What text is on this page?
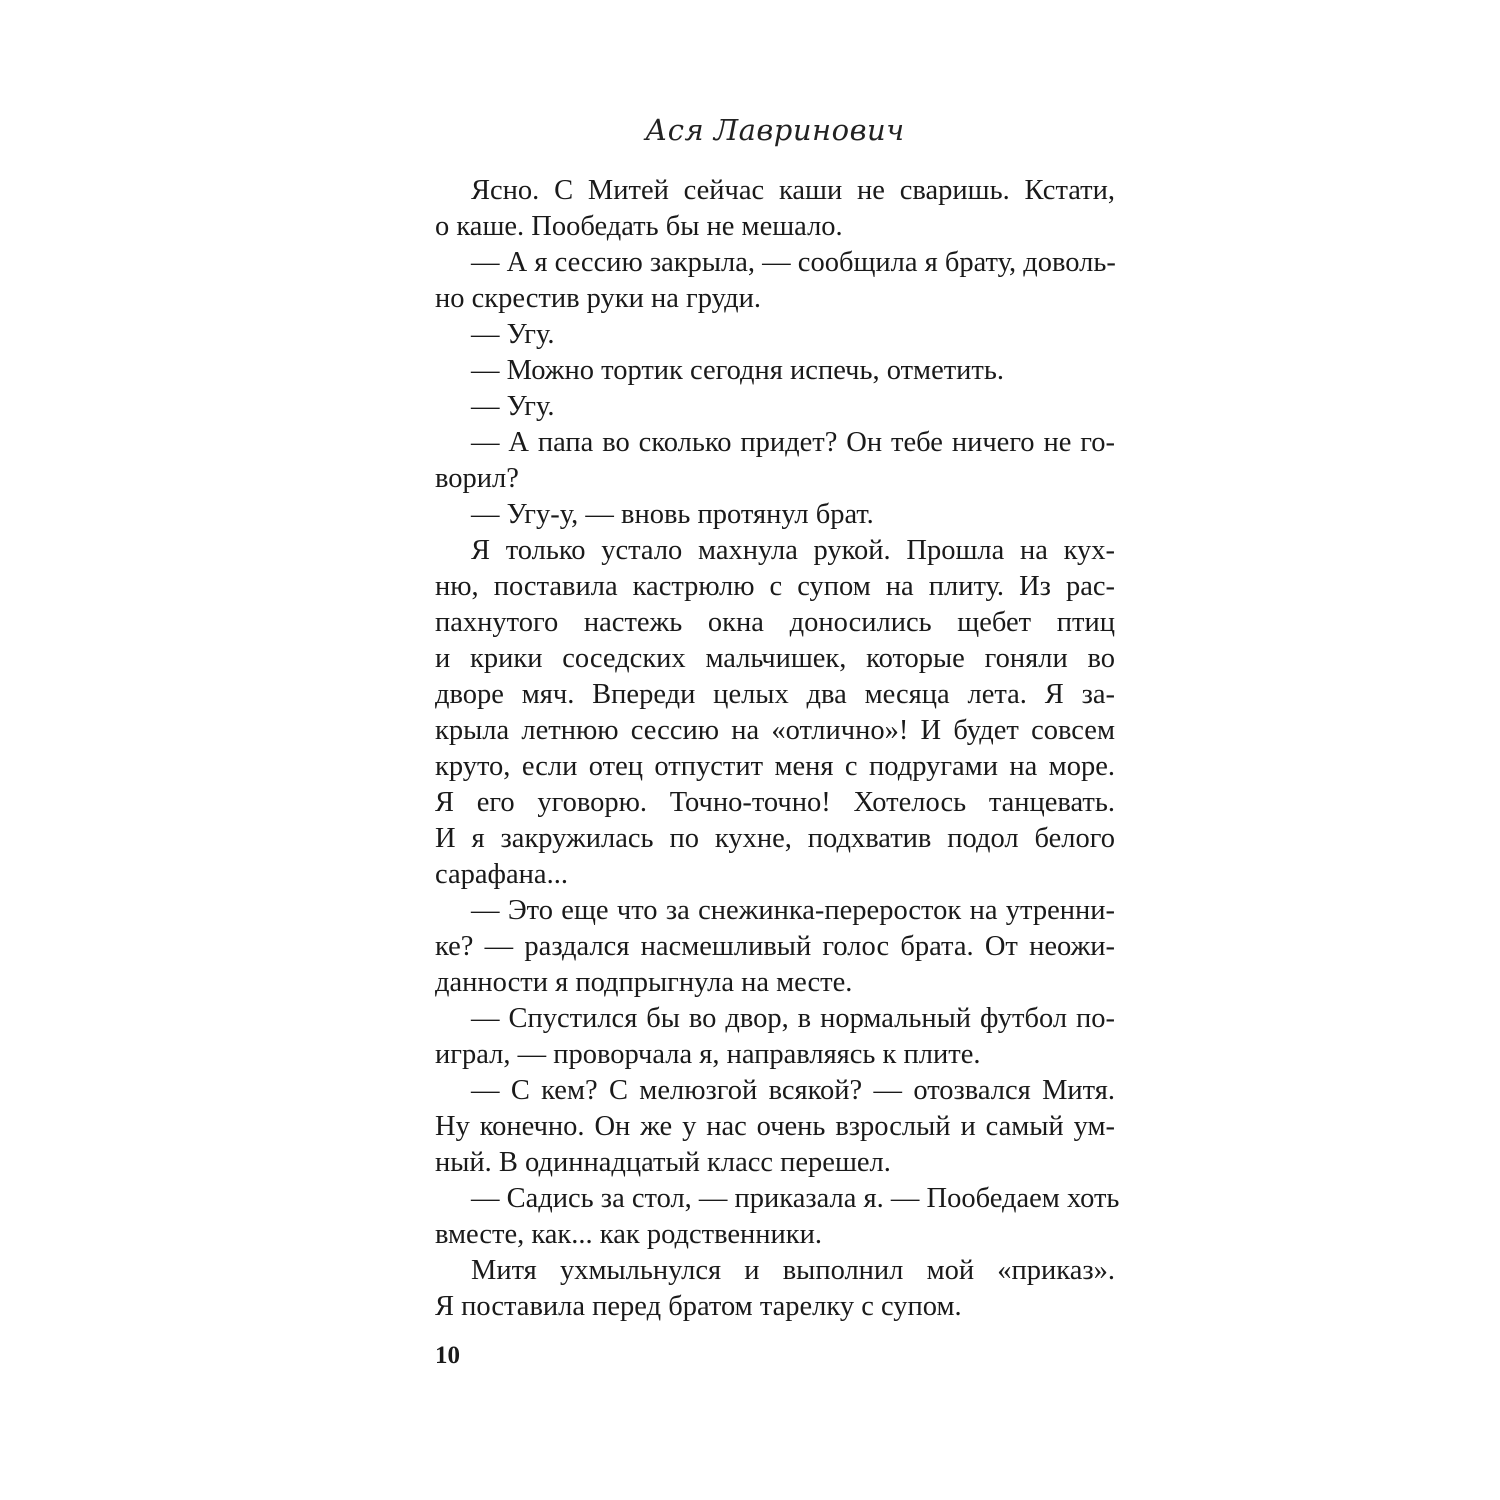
Ася Лавринович
Ясно. С Митей сейчас каши не сваришь. Кстати,
о каше. Пообедать бы не мешало.
— А я сессию закрыла, — сообщила я брату, доволь-
но скрестив руки на груди.
— Угу.
— Можно тортик сегодня испечь, отметить.
— Угу.
— А папа во сколько придет? Он тебе ничего не го-
ворил?
— Угу-у, — вновь протянул брат.
Я только устало махнула рукой. Прошла на кух-
ню, поставила кастрюлю с супом на плиту. Из рас-
пахнутого настежь окна доносились щебет птиц
и крики соседских мальчишек, которые гоняли во
дворе мяч. Впереди целых два месяца лета. Я за-
крыла летнюю сессию на «отлично»! И будет совсем
круто, если отец отпустит меня с подругами на море.
Я его уговорю. Точно-точно! Хотелось танцевать.
И я закружилась по кухне, подхватив подол белого
сарафана...
— Это еще что за снежинка-переросток на утренни-
ке? — раздался насмешливый голос брата. От неожи-
данности я подпрыгнула на месте.
— Спустился бы во двор, в нормальный футбол по-
играл, — проворчала я, направляясь к плите.
— С кем? С мелюзгой всякой? — отозвался Митя.
Ну конечно. Он же у нас очень взрослый и самый ум-
ный. В одиннадцатый класс перешел.
— Садись за стол, — приказала я. — Пообедаем хоть
вместе, как... как родственники.
Митя ухмыльнулся и выполнил мой «приказ».
Я поставила перед братом тарелку с супом.
10
